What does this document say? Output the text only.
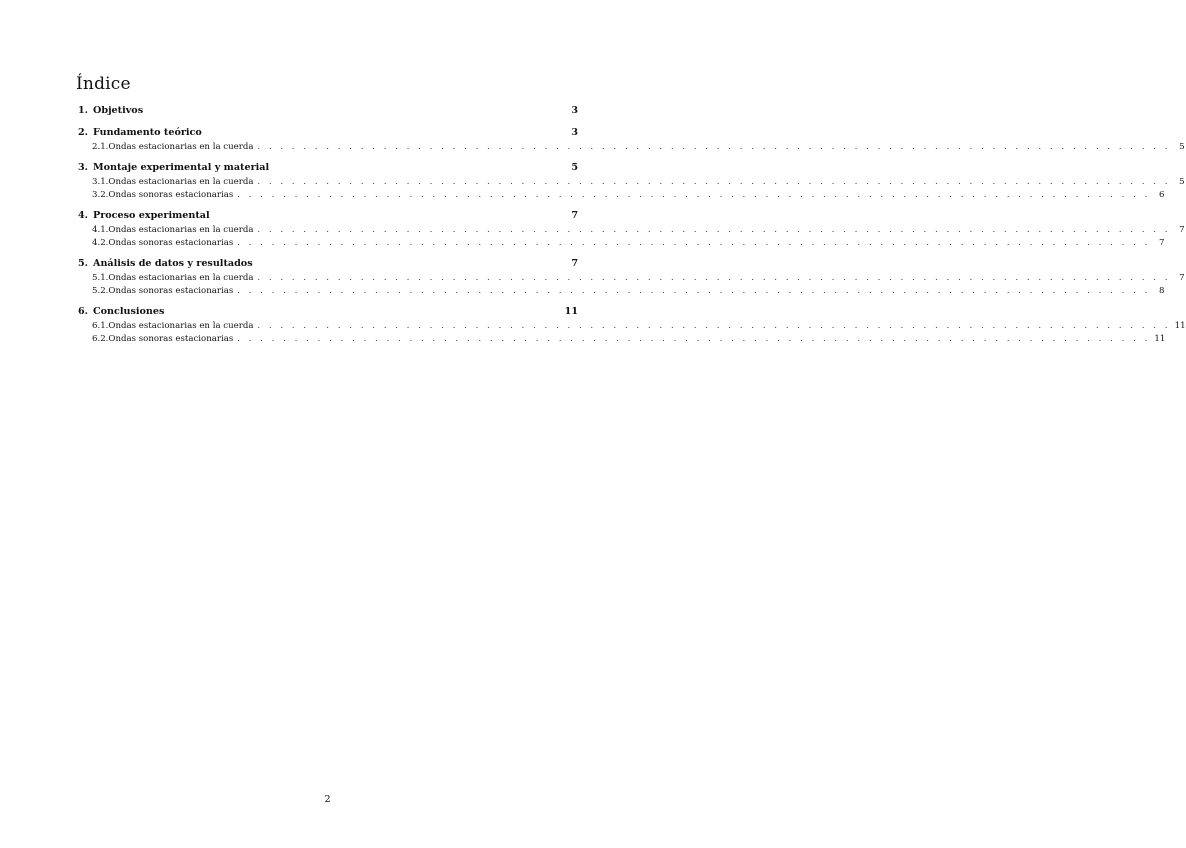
Índice
1. Objetivos	3
2. Fundamento teórico	3
2.1. Ondas estacionarias en la cuerda . . . . . . . . . . . . . . . . . . . . . . . . . . . . . . . . . . . . . . . . . . . . . . . . . . . . . . . . . . . . . . . . . . . . . . . . . . . . . . . . 5
3. Montaje experimental y material	5
3.1. Ondas estacionarias en la cuerda . . . . . . . . . . . . . . . . . . . . . . . . . . . . . . . . . . . . . . . . . . . . . . . . . . . . . . . . . . . . . . . . . . . . . . . . . . . . . . . . 5
3.2. Ondas sonoras estacionarias . . . . . . . . . . . . . . . . . . . . . . . . . . . . . . . . . . . . . . . . . . . . . . . . . . . . . . . . . . . . . . . . . . . . . . . . . . . . . . . . 6
4. Proceso experimental	7
4.1. Ondas estacionarias en la cuerda . . . . . . . . . . . . . . . . . . . . . . . . . . . . . . . . . . . . . . . . . . . . . . . . . . . . . . . . . . . . . . . . . . . . . . . . . . . . . . . . 7
4.2. Ondas sonoras estacionarias . . . . . . . . . . . . . . . . . . . . . . . . . . . . . . . . . . . . . . . . . . . . . . . . . . . . . . . . . . . . . . . . . . . . . . . . . . . . . . . . 7
5. Análisis de datos y resultados	7
5.1. Ondas estacionarias en la cuerda . . . . . . . . . . . . . . . . . . . . . . . . . . . . . . . . . . . . . . . . . . . . . . . . . . . . . . . . . . . . . . . . . . . . . . . . . . . . . . . . 7
5.2. Ondas sonoras estacionarias . . . . . . . . . . . . . . . . . . . . . . . . . . . . . . . . . . . . . . . . . . . . . . . . . . . . . . . . . . . . . . . . . . . . . . . . . . . . . . . . 8
6. Conclusiones	11
6.1. Ondas estacionarias en la cuerda . . . . . . . . . . . . . . . . . . . . . . . . . . . . . . . . . . . . . . . . . . . . . . . . . . . . . . . . . . . . . . . . . . . . . . . . . . . . . . . . 11
6.2. Ondas sonoras estacionarias . . . . . . . . . . . . . . . . . . . . . . . . . . . . . . . . . . . . . . . . . . . . . . . . . . . . . . . . . . . . . . . . . . . . . . . . . . . . . . . . 11
2
